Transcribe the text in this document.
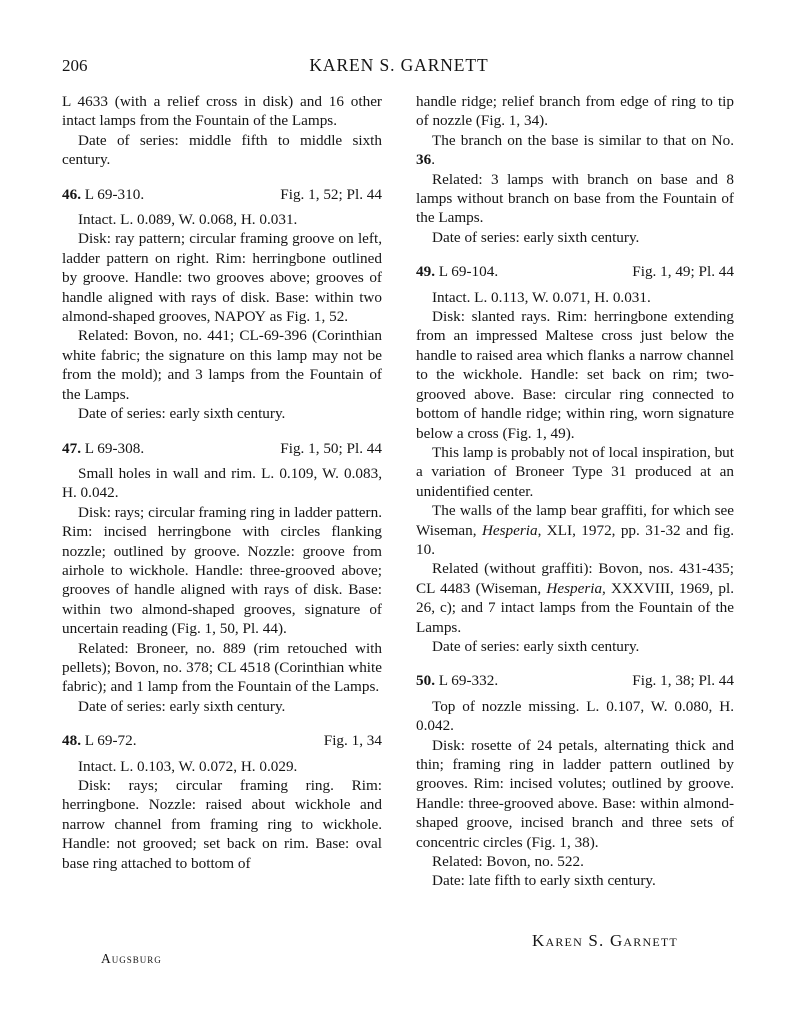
206	KAREN S. GARNETT

L 4633 (with a relief cross in disk) and 16 other intact lamps from the Fountain of the Lamps.

Date of series: middle fifth to middle sixth century.

46. L 69-310.	Fig. 1, 52; Pl. 44

Intact. L. 0.089, W. 0.068, H. 0.031.

Disk: ray pattern; circular framing groove on left, ladder pattern on right. Rim: herringbone outlined by groove. Handle: two grooves above; grooves of handle aligned with rays of disk. Base: within two almond-shaped grooves, ΝΑΡΟΥ as Fig. 1, 52.

Related: Bovon, no. 441; CL-69-396 (Corinthian white fabric; the signature on this lamp may not be from the mold); and 3 lamps from the Fountain of the Lamps.

Date of series: early sixth century.

47. L 69-308.	Fig. 1, 50; Pl. 44

Small holes in wall and rim. L. 0.109, W. 0.083, H. 0.042.

Disk: rays; circular framing ring in ladder pattern. Rim: incised herringbone with circles flanking nozzle; outlined by groove. Nozzle: groove from airhole to wickhole. Handle: three-grooved above; grooves of handle aligned with rays of disk. Base: within two almond-shaped grooves, signature of uncertain reading (Fig. 1, 50, Pl. 44).

Related: Broneer, no. 889 (rim retouched with pellets); Bovon, no. 378; CL 4518 (Corinthian white fabric); and 1 lamp from the Fountain of the Lamps.

Date of series: early sixth century.

48. L 69-72.	Fig. 1, 34

Intact. L. 0.103, W. 0.072, H. 0.029.

Disk: rays; circular framing ring. Rim: herringbone. Nozzle: raised about wickhole and narrow channel from framing ring to wickhole. Handle: not grooved; set back on rim. Base: oval base ring attached to bottom of

handle ridge; relief branch from edge of ring to tip of nozzle (Fig. 1, 34).

The branch on the base is similar to that on No. 36.

Related: 3 lamps with branch on base and 8 lamps without branch on base from the Fountain of the Lamps.

Date of series: early sixth century.

49. L 69-104.	Fig. 1, 49; Pl. 44

Intact. L. 0.113, W. 0.071, H. 0.031.

Disk: slanted rays. Rim: herringbone extending from an impressed Maltese cross just below the handle to raised area which flanks a narrow channel to the wickhole. Handle: set back on rim; two-grooved above. Base: circular ring connected to bottom of handle ridge; within ring, worn signature below a cross (Fig. 1, 49).

This lamp is probably not of local inspiration, but a variation of Broneer Type 31 produced at an unidentified center.

The walls of the lamp bear graffiti, for which see Wiseman, Hesperia, XLI, 1972, pp. 31-32 and fig. 10.

Related (without graffiti): Bovon, nos. 431-435; CL 4483 (Wiseman, Hesperia, XXXVIII, 1969, pl. 26, c); and 7 intact lamps from the Fountain of the Lamps.

Date of series: early sixth century.

50. L 69-332.	Fig. 1, 38; Pl. 44

Top of nozzle missing. L. 0.107, W. 0.080, H. 0.042.

Disk: rosette of 24 petals, alternating thick and thin; framing ring in ladder pattern outlined by grooves. Rim: incised volutes; outlined by groove. Handle: three-grooved above. Base: within almond-shaped groove, incised branch and three sets of concentric circles (Fig. 1, 38).

Related: Bovon, no. 522.

Date: late fifth to early sixth century.

Karen S. Garnett
Augsburg
